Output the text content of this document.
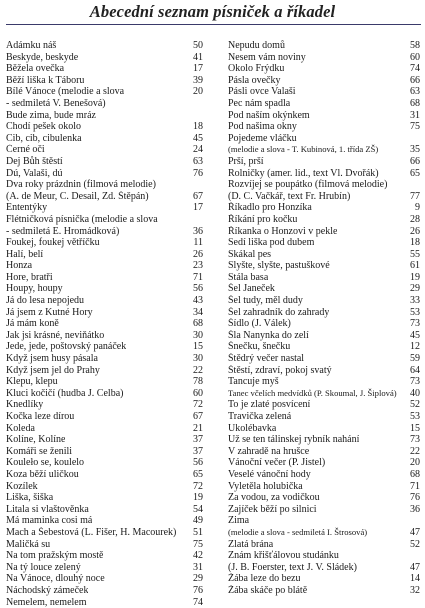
Abecední seznam písniček a říkadel
Adámku náš	50
Beskyde, beskyde	41
Běžela ovečka	17
Běží liška k Táboru	39
Bílé Vánoce (melodie a slova	20
- sedmiletá V. Benešová)
Bude zima, bude mráz
Chodí pešek okolo	18
Cib, cib, cibulenka	45
Černé oči	24
Dej Bůh štěstí	63
Dú, Valaši, dú	76
Dva roky prázdnin (filmová melodie)
(A. de Meur, C. Desail, Zd. Štěpán)	67
Ententýky	17
Flétničková písnička (melodie a slova
- sedmiletá E. Hromádková)	36
Foukej, foukej větříčku	11
Halí, belí	26
Honza	23
Hore, bratři	71
Houpy, houpy	56
Já do lesa nepojedu	43
Já jsem z Kutné Hory	34
Já mám koně	68
Jak jsi krásné, neviňátko	30
Jede, jede, poštovský panáček	15
Když jsem husy pásala	30
Když jsem jel do Prahy	22
Klepu, klepu	78
Kluci kočičí (hudba J. Celba)	60
Knedlíky	72
Kočka leze dírou	67
Koleda	21
Kolíne, Kolíne	37
Komáři se ženili	37
Kouleło se, koulelo	56
Koza běží uličkou	65
Kozílek	72
Liška, šiška	19
Litala si vlaštověnka	54
Má maminka cosi má	49
Mach a Šebestová (L. Fišer, H. Macourek)	51
Maličká su	75
Na tom pražským mostě	42
Na tý louce zelený	31
Na Vánoce, dlouhý noce	29
Náchodský zámeček	76
Nemelem, nemelem	74
Nepudu domů	58
Nesem vám noviny	60
Okolo Frýdku	74
Pásla ovečky	66
Pásli ovce Valaši	63
Pec nám spadla	68
Pod naším okýnkem	31
Pod našima okny	75
Pojedeme vláčku
(melodie a slova - T. Kubinová, 1. třída ZŠ)	35
Prší, prší	66
Rolničky (amer. lid., text Vl. Dvořák)	65
Rozvíjej se poupátko (filmová melodie)
(D. C. Vačkář, text Fr. Hrubín)	77
Říkadlo pro Honzíka	9
Říkání pro kočku	28
Říkanka o Honzovi v pekle	26
Sedí liška pod dubem	18
Skákal pes	55
Slyšte, slyšte, pastuškové	61
Stála basa	19
Šel Janeček	29
Šel tudy, měl dudy	33
Šel zahradník do zahrady	53
Šídlo (J. Válek)	73
Šla Nanynka do zelí	45
Šnečku, šnečku	12
Štědrý večer nastal	59
Štěstí, zdraví, pokoj svatý	64
Tancuje myš	73
Tanec včelích medvídků (P. Skoumal, J. Šiplová)	40
To je zlaté posvícení	52
Travička zelená	53
Ukolébavka	15
Už se ten tálinskej rybník nahání	73
V zahradě na hrušce	22
Vánoční večer (P. Jistel)	20
Veselé vánoční hody	68
Vyletěla holubička	71
Za vodou, za vodičkou	76
Zajíček běží po silnici	36
Zima
(melodie a slova - sedmiletá I. Štrosová)	47
Zlatá brána	52
Znám křišťálovou studánku
(J. B. Foerster, text J. V. Sládek)	47
Žába leze do bezu	14
Žába skáče po blátě	32
